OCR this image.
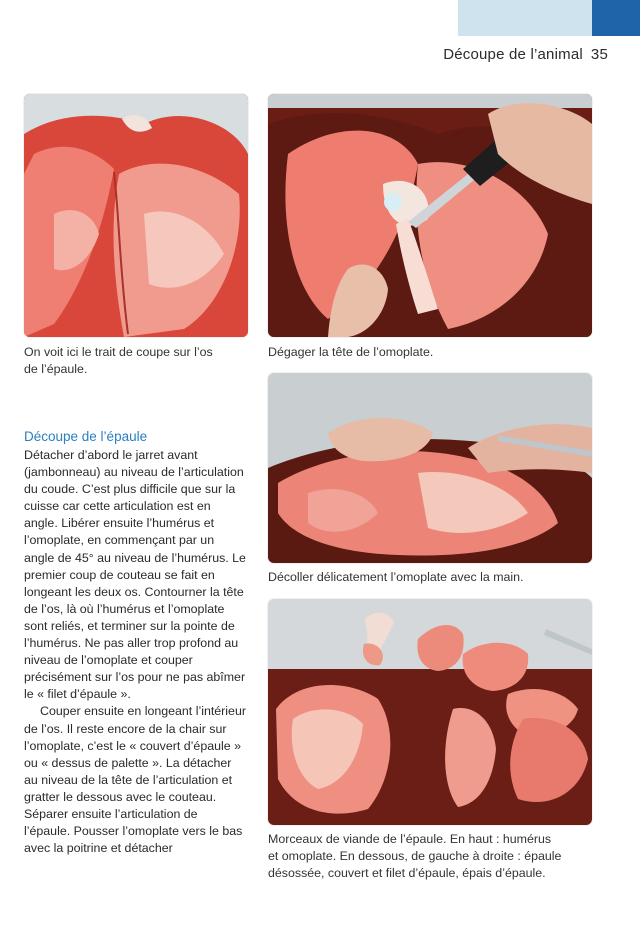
Découpe de l’animal 35
On voit ici le trait de coupe sur l’os
de l’épaule.
Dégager la tête de l’omoplate.
Décoller délicatement l’omoplate avec la main.
Morceaux de viande de l’épaule. En haut : humérus
et omoplate. En dessous, de gauche à droite : épaule
désossée, couvert et filet d’épaule, épais d’épaule.
Découpe de l’épaule

Détacher d’abord le jarret avant (jambonneau) au niveau de l’articulation du coude. C’est plus difficile que sur la cuisse car cette articulation est en angle. Libérer ensuite l’humérus et l’omoplate, en commençant par un angle de 45° au niveau de l’humérus. Le premier coup de couteau se fait en longeant les deux os. Contourner la tête de l’os, là où l’humérus et l’omoplate sont reliés, et terminer sur la pointe de l’humérus. Ne pas aller trop profond au niveau de l’omoplate et couper précisément sur l’os pour ne pas abîmer le « filet d’épaule ».

Couper ensuite en longeant l’intérieur de l’os. Il reste encore de la chair sur l’omoplate, c’est le « couvert d’épaule » ou « dessus de palette ». La détacher au niveau de la tête de l’articulation et gratter le dessous avec le couteau. Séparer ensuite l’articulation de l’épaule. Pousser l’omoplate vers le bas avec la poitrine et détacher
